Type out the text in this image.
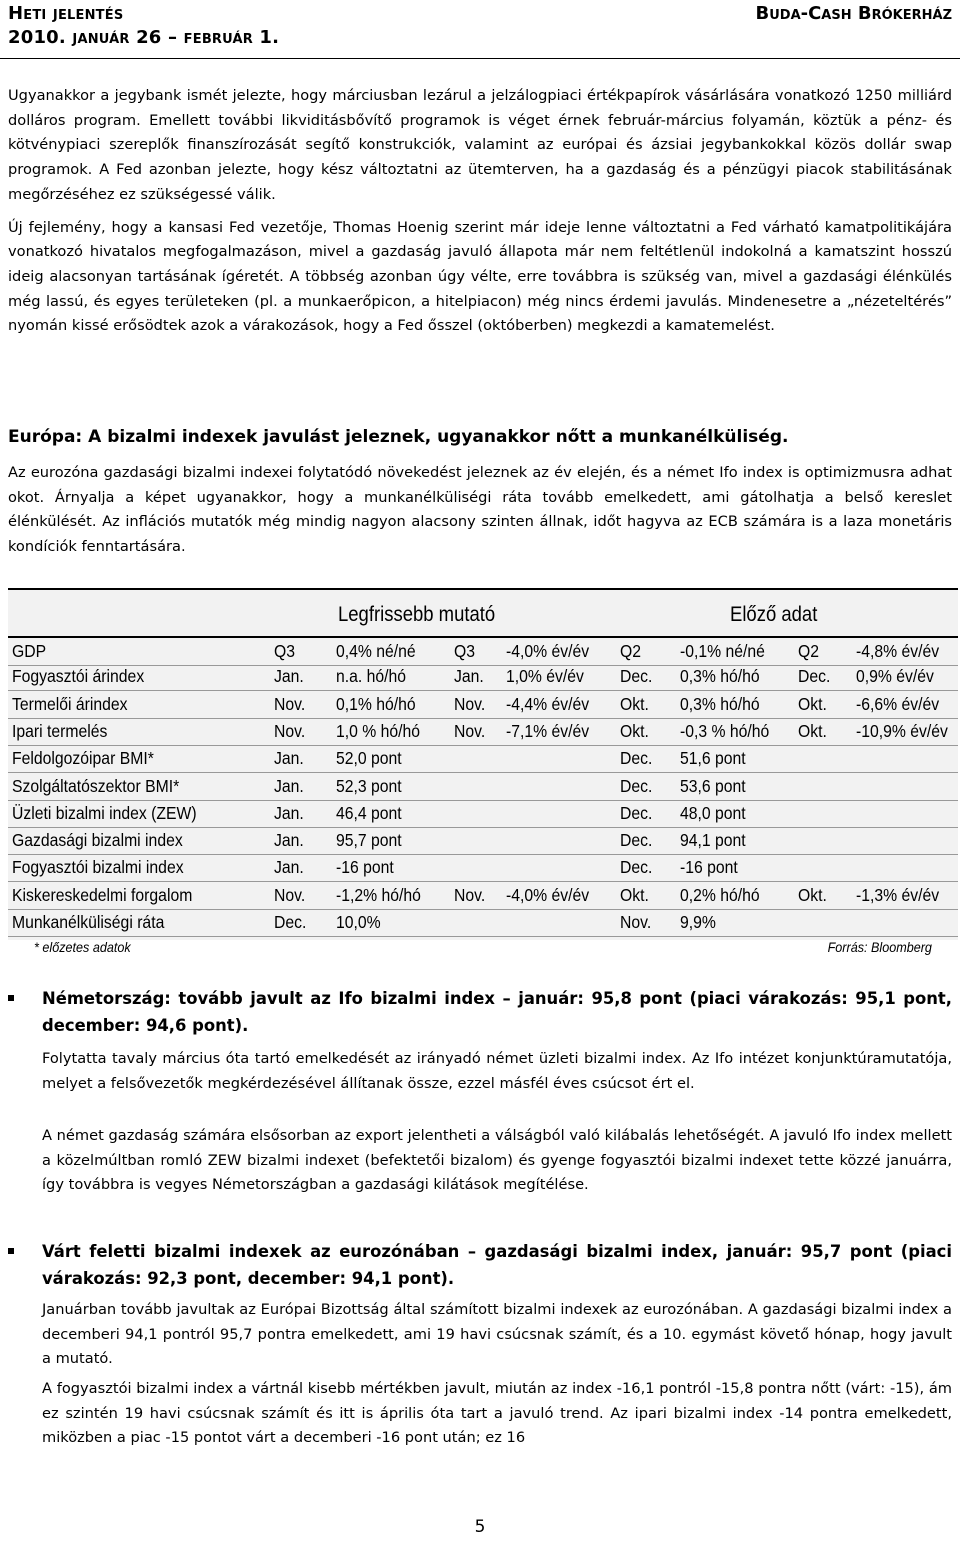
Heti jelentés
2010. január 26 – február 1.
Buda-Cash Brókerház

Ugyanakkor a jegybank ismét jelezte, hogy márciusban lezárul a jelzálogpiaci értékpapírok vásárlására vonatkozó 1250 milliárd dolláros program. Emellett további likviditásbővítő programok is véget érnek február-március folyamán, köztük a pénz- és kötvénypiaci szereplők finanszírozását segítő konstrukciók, valamint az európai és ázsiai jegybankokkal közös dollár swap programok. A Fed azonban jelezte, hogy kész változtatni az ütemterven, ha a gazdaság és a pénzügyi piacok stabilitásának megőrzéséhez ez szükségessé válik.

Új fejlemény, hogy a kansasi Fed vezetője, Thomas Hoenig szerint már ideje lenne változtatni a Fed várható kamatpolitikájára vonatkozó hivatalos megfogalmazáson, mivel a gazdaság javuló állapota már nem feltétlenül indokolná a kamatszint hosszú ideig alacsonyan tartásának ígéretét. A többség azonban úgy vélte, erre továbbra is szükség van, mivel a gazdasági élénkülés még lassú, és egyes területeken (pl. a munkaerőpicon, a hitelpiacon) még nincs érdemi javulás. Mindenesetre a „nézeteltérés” nyomán kissé erősödtek azok a várakozások, hogy a Fed ősszel (októberben) megkezdi a kamatemelést.

Európa: A bizalmi indexek javulást jeleznek, ugyanakkor nőtt a munkanélküliség.

Az eurozóna gazdasági bizalmi indexei folytatódó növekedést jeleznek az év elején, és a német Ifo index is optimizmusra adhat okot. Árnyalja a képet ugyanakkor, hogy a munkanélküliségi ráta tovább emelkedett, ami gátolhatja a belső kereslet élénkülését. Az inflációs mutatók még mindig nagyon alacsony szinten állnak, időt hagyva az ECB számára is a laza monetáris kondíciók fenntartására.

Legfrissebb mutató	Előző adat
GDP	Q3 0,4% né/né Q3 -4,0% év/év Q2 -0,1% né/né Q2 -4,8% év/év
Fogyasztói árindex	Jan. n.a. hó/hó	Jan. 1,0% év/év Dec. 0,3% hó/hó Dec. 0,9% év/év
Termelői árindex	Nov. 0,1% hó/hó Nov. -4,4% év/év Okt. 0,3% hó/hó Okt. -6,6% év/év
Ipari termelés	Nov. 1,0 % hó/hó Nov. -7,1% év/év Okt. -0,3 % hó/hó Okt. -10,9% év/év
Feldolgozóipar BMI*	Jan. 52,0 pont	Dec. 51,6 pont
Szolgáltatószektor BMI*	Jan. 52,3 pont	Dec. 53,6 pont
Üzleti bizalmi index (ZEW)	Jan. 46,4 pont	Dec. 48,0 pont
Gazdasági bizalmi index	Jan. 95,7 pont	Dec. 94,1 pont
Fogyasztói bizalmi index	Jan. -16 pont	Dec. -16 pont
Kiskereskedelmi forgalom	Nov. -1,2% hó/hó Nov. -4,0% év/év Okt. 0,2% hó/hó Okt. -1,3% év/év
Munkanélküliségi ráta	Dec. 10,0%	Nov. 9,9%
* előzetes adatok	Forrás: Bloomberg
Németország: tovább javult az Ifo bizalmi index – január: 95,8 pont (piaci várakozás: 95,1 pont, december: 94,6 pont).

Folytatta tavaly március óta tartó emelkedését az irányadó német üzleti bizalmi index. Az Ifo intézet konjunktúramutatója, melyet a felsővezetők megkérdezésével állítanak össze, ezzel másfél éves csúcsot ért el.

A német gazdaság számára elsősorban az export jelentheti a válságból való kilábalás lehetőségét. A javuló Ifo index mellett a közelmúltban romló ZEW bizalmi indexet (befektetői bizalom) és gyenge fogyasztói bizalmi indexet tette közzé januárra, így továbbra is vegyes Németországban a gazdasági kilátások megítélése.

Várt feletti bizalmi indexek az eurozónában – gazdasági bizalmi index, január: 95,7 pont (piaci várakozás: 92,3 pont, december: 94,1 pont).

Januárban tovább javultak az Európai Bizottság által számított bizalmi indexek az eurozónában. A gazdasági bizalmi index a decemberi 94,1 pontról 95,7 pontra emelkedett, ami 19 havi csúcsnak számít, és a 10. egymást követő hónap, hogy javult a mutató.

A fogyasztói bizalmi index a vártnál kisebb mértékben javult, miután az index -16,1 pontról -15,8 pontra nőtt (várt: -15), ám ez szintén 19 havi csúcsnak számít és itt is április óta tart a javuló trend. Az ipari bizalmi index -14 pontra emelkedett, miközben a piac -15 pontot várt a decemberi -16 pont után; ez 16

5
